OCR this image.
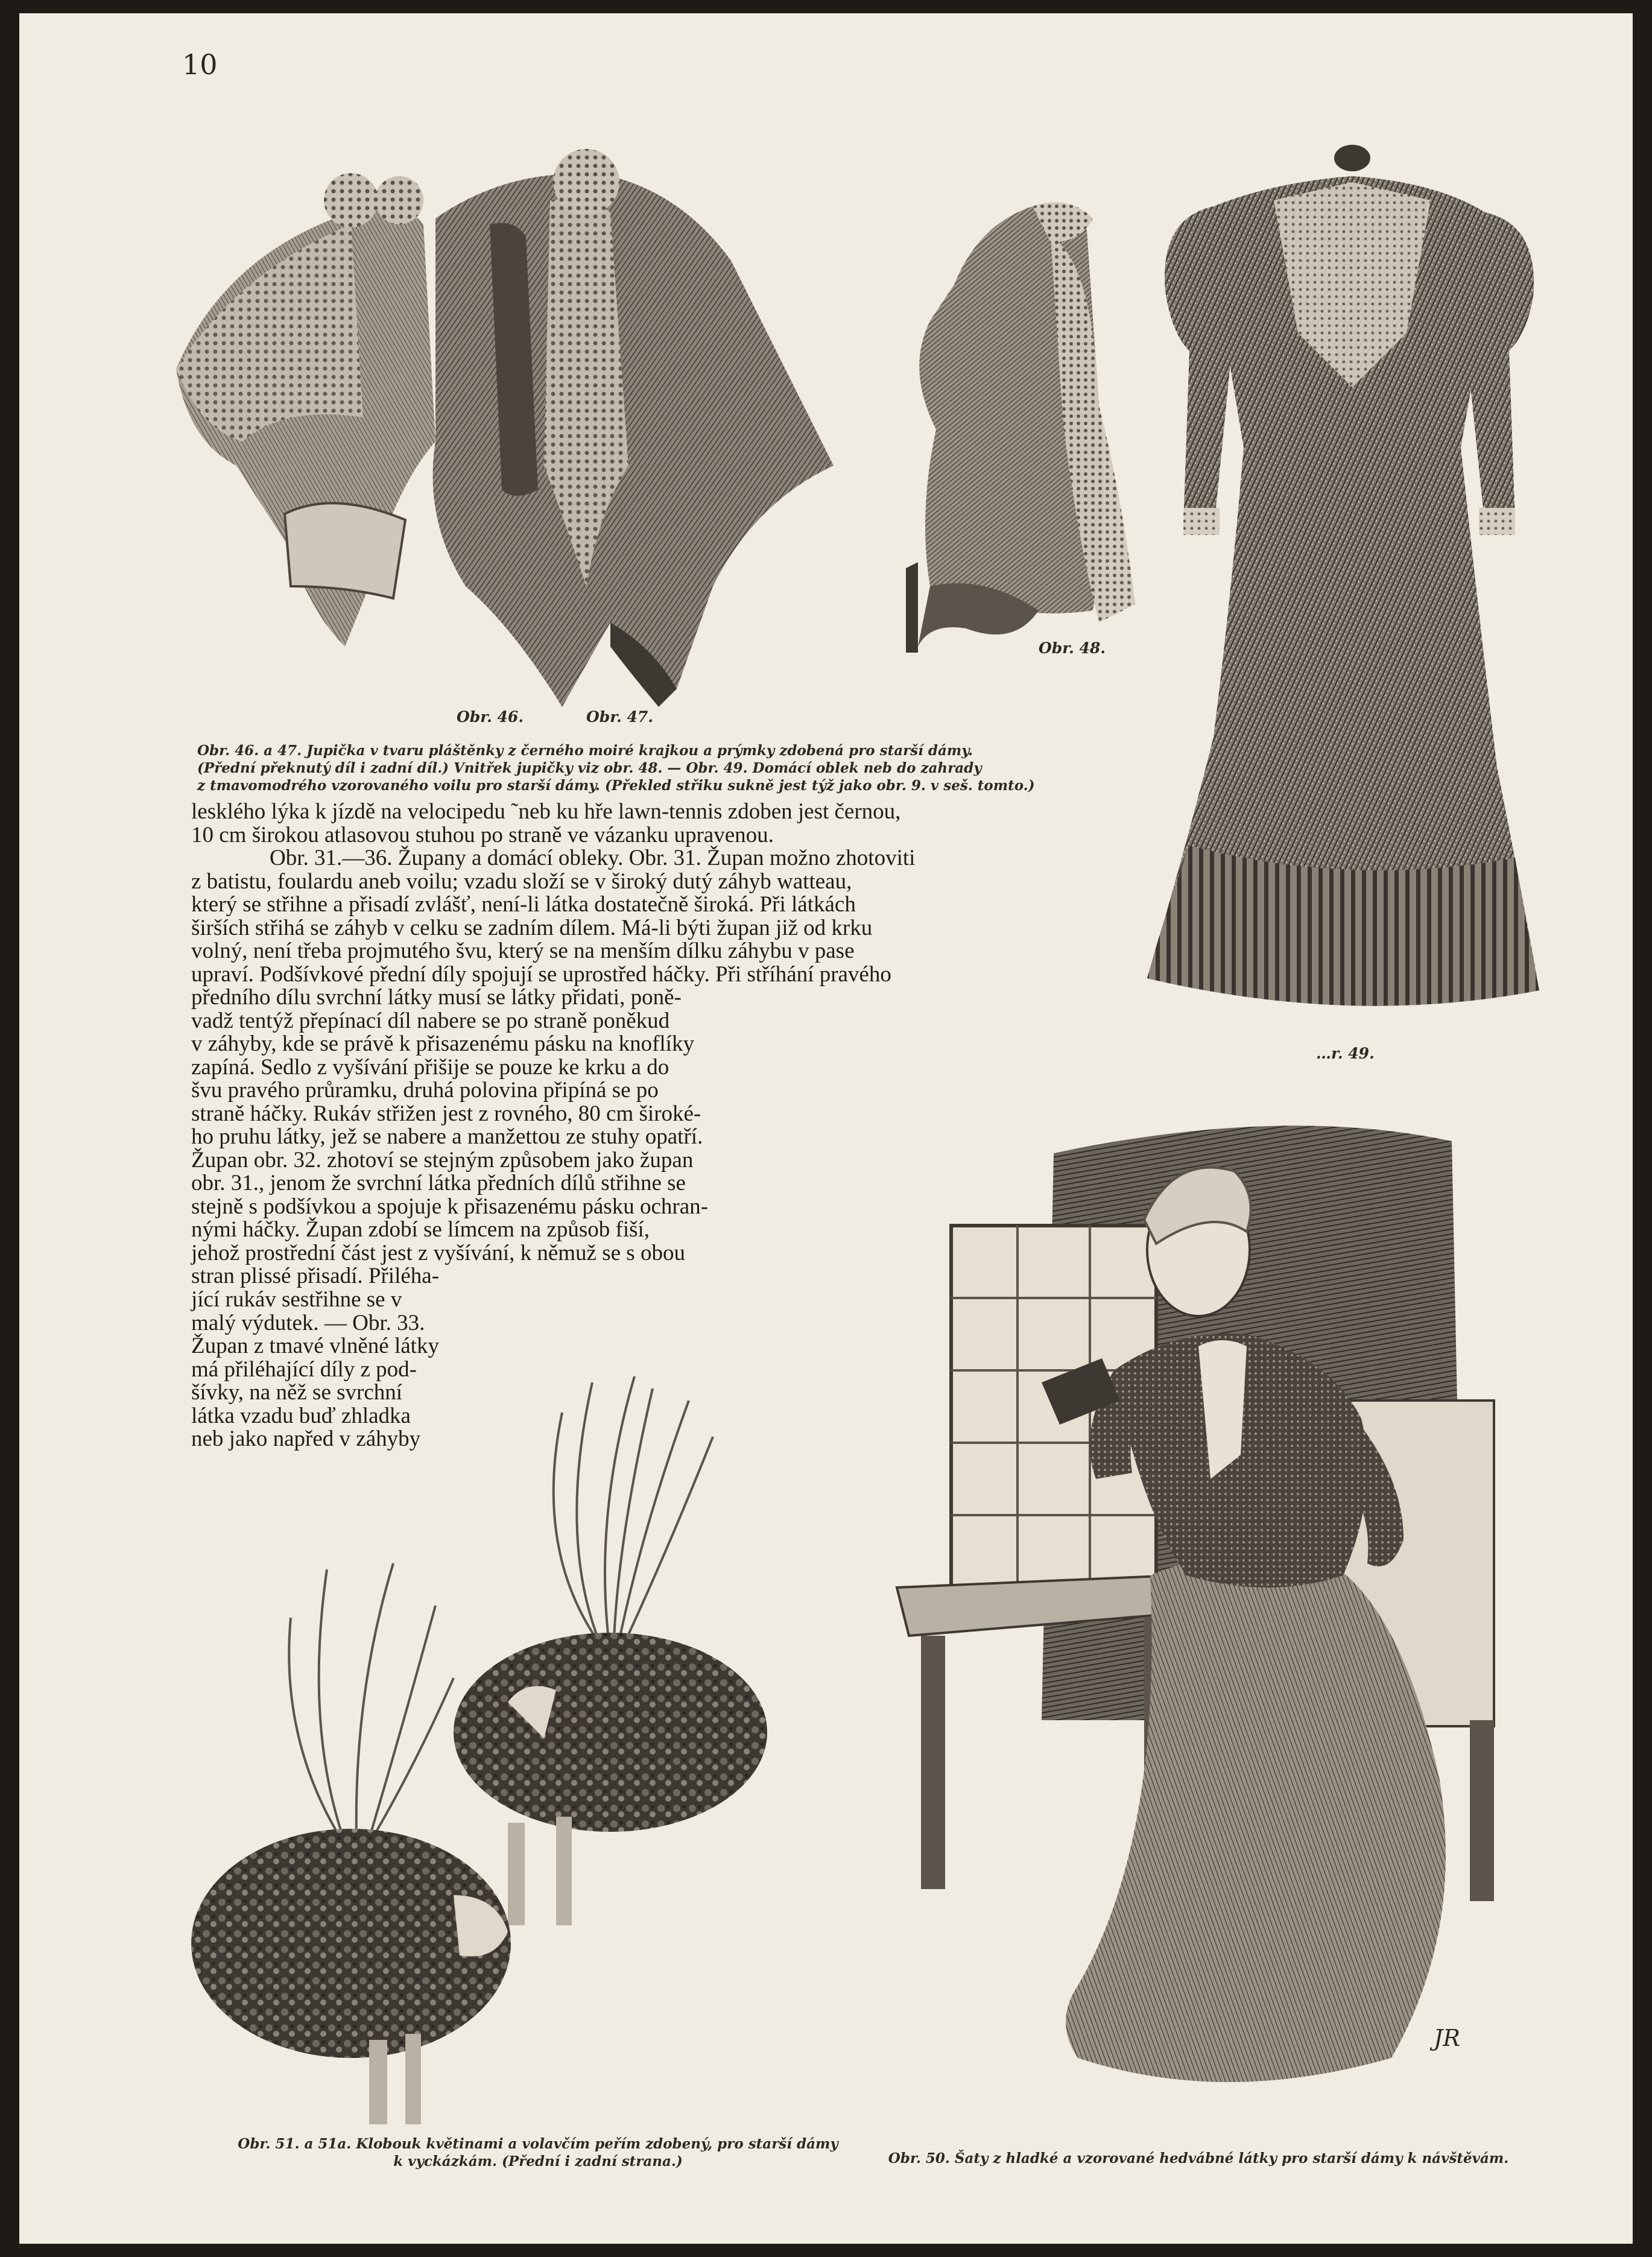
10
Obr. 46.	Obr. 47.
Obr. 48.
…r. 49.
Obr. 46. a 47. Jupička v tvaru pláštěnky z černého moiré krajkou a prýmky zdobená pro starší dámy.
(Přední překnutý díl i zadní díl.) Vnitřek jupičky viz obr. 48. — Obr. 49. Domácí oblek neb do zahrady
z tmavomodrého vzorovaného voilu pro starší dámy. (Překled střiku sukně jest týž jako obr. 9. v seš. tomto.)

lesklého lýka k jízdě na velocipedu ˜neb ku hře lawn-tennis zdoben jest černou,

10 cm širokou atlasovou stuhou po straně ve vázanku upravenou.

Obr. 31.—36. Župany a domácí obleky. Obr. 31. Župan možno zhotoviti

z batistu, foulardu aneb voilu; vzadu složí se v široký dutý záhyb watteau,

který se střihne a přisadí zvlášť, není-li látka dostatečně široká. Při látkách

širších střihá se záhyb v celku se zadním dílem. Má-li býti župan již od krku

volný, není třeba projmutého švu, který se na menším dílku záhybu v pase

upraví. Podšívkové přední díly spojují se uprostřed háčky. Při stříhání pravého

předního dílu svrchní látky musí se látky přidati, poně-

vadž tentýž přepínací díl nabere se po straně poněkud

v záhyby, kde se právě k přisazenému pásku na knoflíky

zapíná. Sedlo z vyšívání přišije se pouze ke krku a do

švu pravého průramku, druhá polovina připíná se po

straně háčky. Rukáv střižen jest z rovného, 80 cm široké-

ho pruhu látky, jež se nabere a manžettou ze stuhy opatří.

Župan obr. 32. zhotoví se stejným způsobem jako župan

obr. 31., jenom že svrchní látka předních dílů střihne se

stejně s podšívkou a spojuje k přisazenému pásku ochran-

nými háčky. Župan zdobí se límcem na způsob fiší,

jehož prostřední část jest z vyšívání, k němuž se s obou

stran plissé přisadí. Přiléha-

jící rukáv sestřihne se v

malý výdutek. — Obr. 33.

Župan z tmavé vlněné látky

má přiléhající díly z pod-

šívky, na něž se svrchní

látka vzadu buď zhladka

neb jako napřed v záhyby

Obr. 51. a 51a. Klobouk květinami a volavčím peřím zdobený, pro starší dámy
k vyckázkám. (Přední i zadní strana.)
JR
Obr. 50. Šaty z hladké a vzorované hedvábné látky pro starší dámy k návštěvám.
